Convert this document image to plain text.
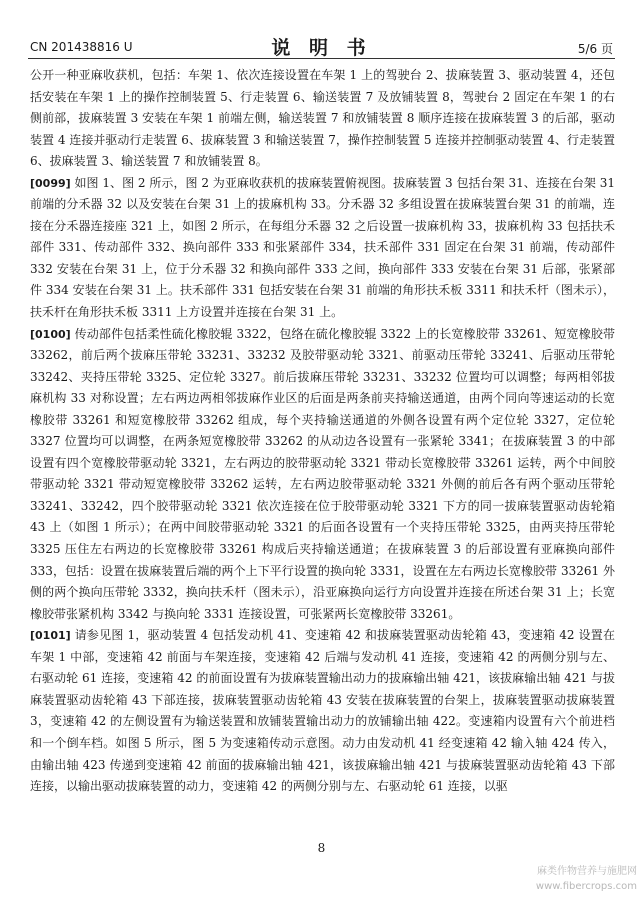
CN 201438816 U	说 明 书	5/6 页

公开一种亚麻收获机，包括：车架 1、依次连接设置在车架 1 上的驾驶台 2、拔麻装置 3、驱动装置 4，还包括安装在车架 1 上的操作控制装置 5、行走装置 6、输送装置 7 及放铺装置 8，驾驶台 2 固定在车架 1 的右侧前部，拔麻装置 3 安装在车架 1 前端左侧，输送装置 7 和放铺装置 8 顺序连接在拔麻装置 3 的后部，驱动装置 4 连接并驱动行走装置 6、拔麻装置 3 和输送装置 7，操作控制装置 5 连接并控制驱动装置 4、行走装置 6、拔麻装置 3、输送装置 7 和放铺装置 8。

[0099] 如图 1、图 2 所示，图 2 为亚麻收获机的拔麻装置俯视图。拔麻装置 3 包括台架 31、连接在台架 31 前端的分禾器 32 以及安装在台架 31 上的拔麻机构 33。分禾器 32 多组设置在拔麻装置台架 31 的前端，连接在分禾器连接座 321 上，如图 2 所示，在每组分禾器 32 之后设置一拔麻机构 33，拔麻机构 33 包括扶禾部件 331、传动部件 332、换向部件 333 和张紧部件 334，扶禾部件 331 固定在台架 31 前端，传动部件 332 安装在台架 31 上，位于分禾器 32 和换向部件 333 之间，换向部件 333 安装在台架 31 后部，张紧部件 334 安装在台架 31 上。扶禾部件 331 包括安装在台架 31 前端的角形扶禾板 3311 和扶禾杆（图未示），扶禾杆在角形扶禾板 3311 上方设置并连接在台架 31 上。

[0100] 传动部件包括柔性硫化橡胶辊 3322，包络在硫化橡胶辊 3322 上的长宽橡胶带 33261、短宽橡胶带 33262，前后两个拔麻压带轮 33231、33232 及胶带驱动轮 3321、前驱动压带轮 33241、后驱动压带轮 33242、夹持压带轮 3325、定位轮 3327。前后拔麻压带轮 33231、33232 位置均可以调整；每两相邻拔麻机构 33 对称设置；左右两边两相邻拔麻作业区的后面是两条前夹持输送通道，由两个同向等速运动的长宽橡胶带 33261 和短宽橡胶带 33262 组成，每个夹持输送通道的外侧各设置有两个定位轮 3327，定位轮 3327 位置均可以调整，在两条短宽橡胶带 33262 的从动边各设置有一张紧轮 3341；在拔麻装置 3 的中部设置有四个宽橡胶带驱动轮 3321，左右两边的胶带驱动轮 3321 带动长宽橡胶带 33261 运转，两个中间胶带驱动轮 3321 带动短宽橡胶带 33262 运转，左右两边胶带驱动轮 3321 外侧的前后各有两个驱动压带轮 33241、33242，四个胶带驱动轮 3321 依次连接在位于胶带驱动轮 3321 下方的同一拔麻装置驱动齿轮箱 43 上（如图 1 所示）；在两中间胶带驱动轮 3321 的后面各设置有一个夹持压带轮 3325，由两夹持压带轮 3325 压住左右两边的长宽橡胶带 33261 构成后夹持输送通道；在拔麻装置 3 的后部设置有亚麻换向部件 333，包括：设置在拔麻装置后端的两个上下平行设置的换向轮 3331，设置在左右两边长宽橡胶带 33261 外侧的两个换向压带轮 3332，换向扶禾杆（图未示），沿亚麻换向运行方向设置并连接在所述台架 31 上；长宽橡胶带张紧机构 3342 与换向轮 3331 连接设置，可张紧两长宽橡胶带 33261。

[0101] 请参见图 1，驱动装置 4 包括发动机 41、变速箱 42 和拔麻装置驱动齿轮箱 43，变速箱 42 设置在车架 1 中部，变速箱 42 前面与车架连接，变速箱 42 后端与发动机 41 连接，变速箱 42 的两侧分别与左、右驱动轮 61 连接，变速箱 42 的前面设置有为拔麻装置输出动力的拔麻输出轴 421，该拔麻输出轴 421 与拔麻装置驱动齿轮箱 43 下部连接，拔麻装置驱动齿轮箱 43 安装在拔麻装置的台架上，拔麻装置驱动拔麻装置 3，变速箱 42 的左侧设置有为输送装置和放铺装置输出动力的放铺输出轴 422。变速箱内设置有六个前进档和一个倒车档。如图 5 所示，图 5 为变速箱传动示意图。动力由发动机 41 经变速箱 42 输入轴 424 传入，由输出轴 423 传递到变速箱 42 前面的拔麻输出轴 421，该拔麻输出轴 421 与拔麻装置驱动齿轮箱 43 下部连接，以输出驱动拔麻装置的动力，变速箱 42 的两侧分别与左、右驱动轮 61 连接，以驱

8
麻类作物营养与施肥网
www.fibercrops.com
